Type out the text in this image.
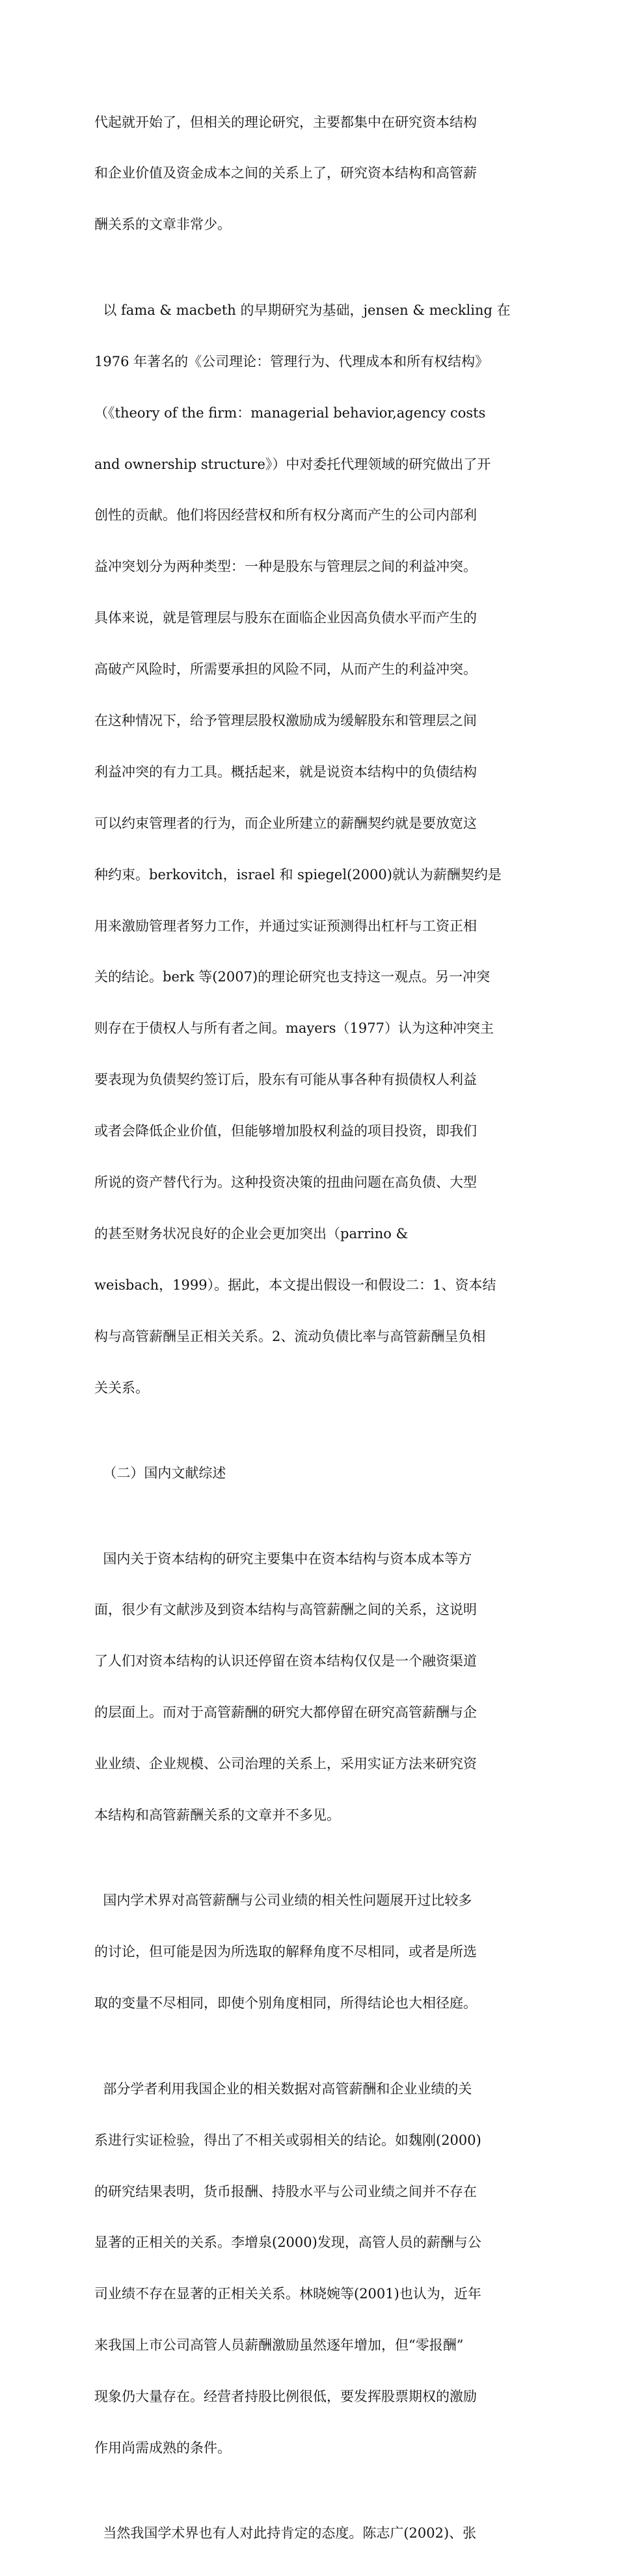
代起就开始了，但相关的理论研究，主要都集中在研究资本结构

和企业价值及资金成本之间的关系上了，研究资本结构和高管薪

酬关系的文章非常少。

以 fama & macbeth 的早期研究为基础，jensen & meckling 在

1976 年著名的《公司理论：管理行为、代理成本和所有权结构》

（《theory of the firm：managerial behavior,agency costs

and ownership structure》）中对委托代理领域的研究做出了开

创性的贡献。他们将因经营权和所有权分离而产生的公司内部利

益冲突划分为两种类型：一种是股东与管理层之间的利益冲突。

具体来说，就是管理层与股东在面临企业因高负债水平而产生的

高破产风险时，所需要承担的风险不同，从而产生的利益冲突。

在这种情况下，给予管理层股权激励成为缓解股东和管理层之间

利益冲突的有力工具。概括起来，就是说资本结构中的负债结构

可以约束管理者的行为，而企业所建立的薪酬契约就是要放宽这

种约束。berkovitch，israel 和 spiegel(2000)就认为薪酬契约是

用来激励管理者努力工作，并通过实证预测得出杠杆与工资正相

关的结论。berk 等(2007)的理论研究也支持这一观点。另一冲突

则存在于债权人与所有者之间。mayers（1977）认为这种冲突主

要表现为负债契约签订后，股东有可能从事各种有损债权人利益

或者会降低企业价值，但能够增加股权利益的项目投资，即我们

所说的资产替代行为。这种投资决策的扭曲问题在高负债、大型

的甚至财务状况良好的企业会更加突出（parrino &

weisbach，1999）。据此，本文提出假设一和假设二：1、资本结

构与高管薪酬呈正相关关系。2、流动负债比率与高管薪酬呈负相

关关系。

（二）国内文献综述

国内关于资本结构的研究主要集中在资本结构与资本成本等方

面，很少有文献涉及到资本结构与高管薪酬之间的关系，这说明

了人们对资本结构的认识还停留在资本结构仅仅是一个融资渠道

的层面上。而对于高管薪酬的研究大都停留在研究高管薪酬与企

业业绩、企业规模、公司治理的关系上，采用实证方法来研究资

本结构和高管薪酬关系的文章并不多见。

国内学术界对高管薪酬与公司业绩的相关性问题展开过比较多

的讨论，但可能是因为所选取的解释角度不尽相同，或者是所选

取的变量不尽相同，即使个别角度相同，所得结论也大相径庭。

部分学者利用我国企业的相关数据对高管薪酬和企业业绩的关

系进行实证检验，得出了不相关或弱相关的结论。如魏刚(2000)

的研究结果表明，货币报酬、持股水平与公司业绩之间并不存在

显著的正相关的关系。李增泉(2000)发现，高管人员的薪酬与公

司业绩不存在显著的正相关关系。林晓婉等(2001)也认为，近年

来我国上市公司高管人员薪酬激励虽然逐年增加，但“零报酬”

现象仍大量存在。经营者持股比例很低，要发挥股票期权的激励

作用尚需成熟的条件。

当然我国学术界也有人对此持肯定的态度。陈志广(2002)、张
